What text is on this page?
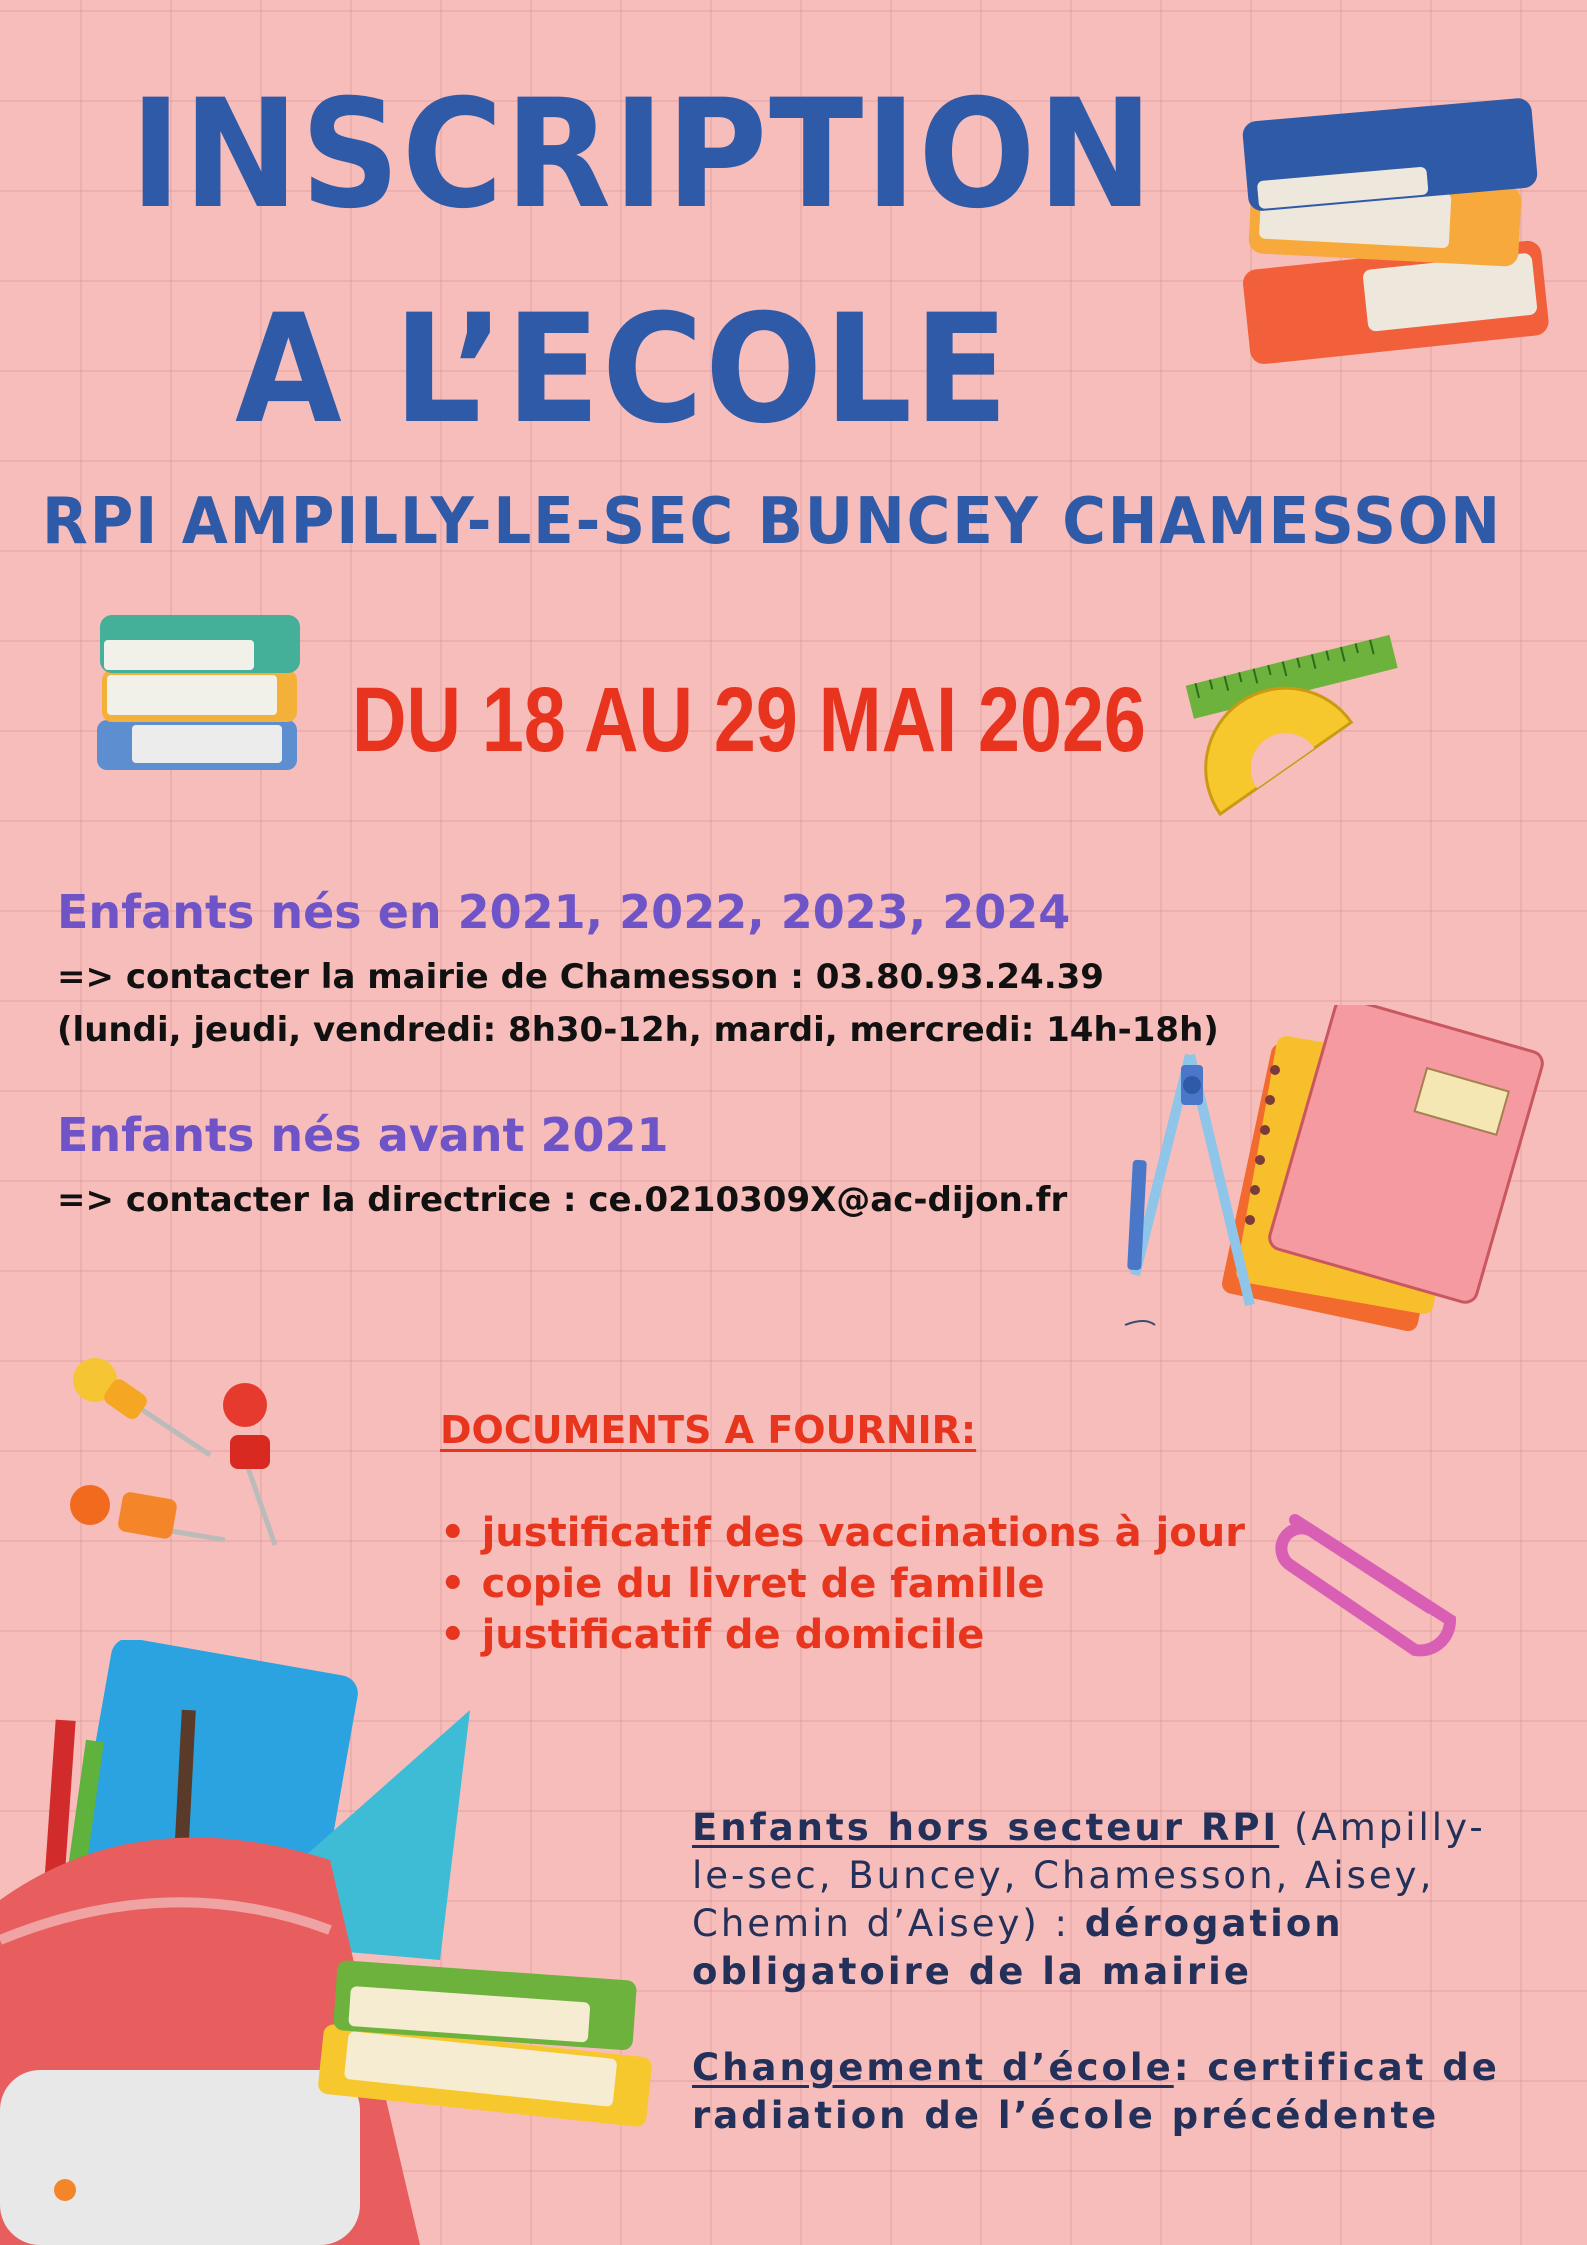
INSCRIPTION
A L’ECOLE
RPI AMPILLY-LE-SEC BUNCEY CHAMESSON
DU 18 AU 29 MAI 2026
Enfants nés en 2021, 2022, 2023, 2024
=> contacter la mairie de Chamesson : 03.80.93.24.39
(lundi, jeudi, vendredi: 8h30-12h, mardi, mercredi: 14h-18h)
Enfants nés avant 2021
=> contacter la directrice : ce.0210309X@ac-dijon.fr
DOCUMENTS A FOURNIR:
• justificatif des vaccinations à jour
• copie du livret de famille
• justificatif de domicile
Enfants hors secteur RPI (Ampilly-le-sec, Buncey, Chamesson, Aisey, Chemin d’Aisey) : dérogation obligatoire de la mairie
Changement d’école: certificat de radiation de l’école précédente
